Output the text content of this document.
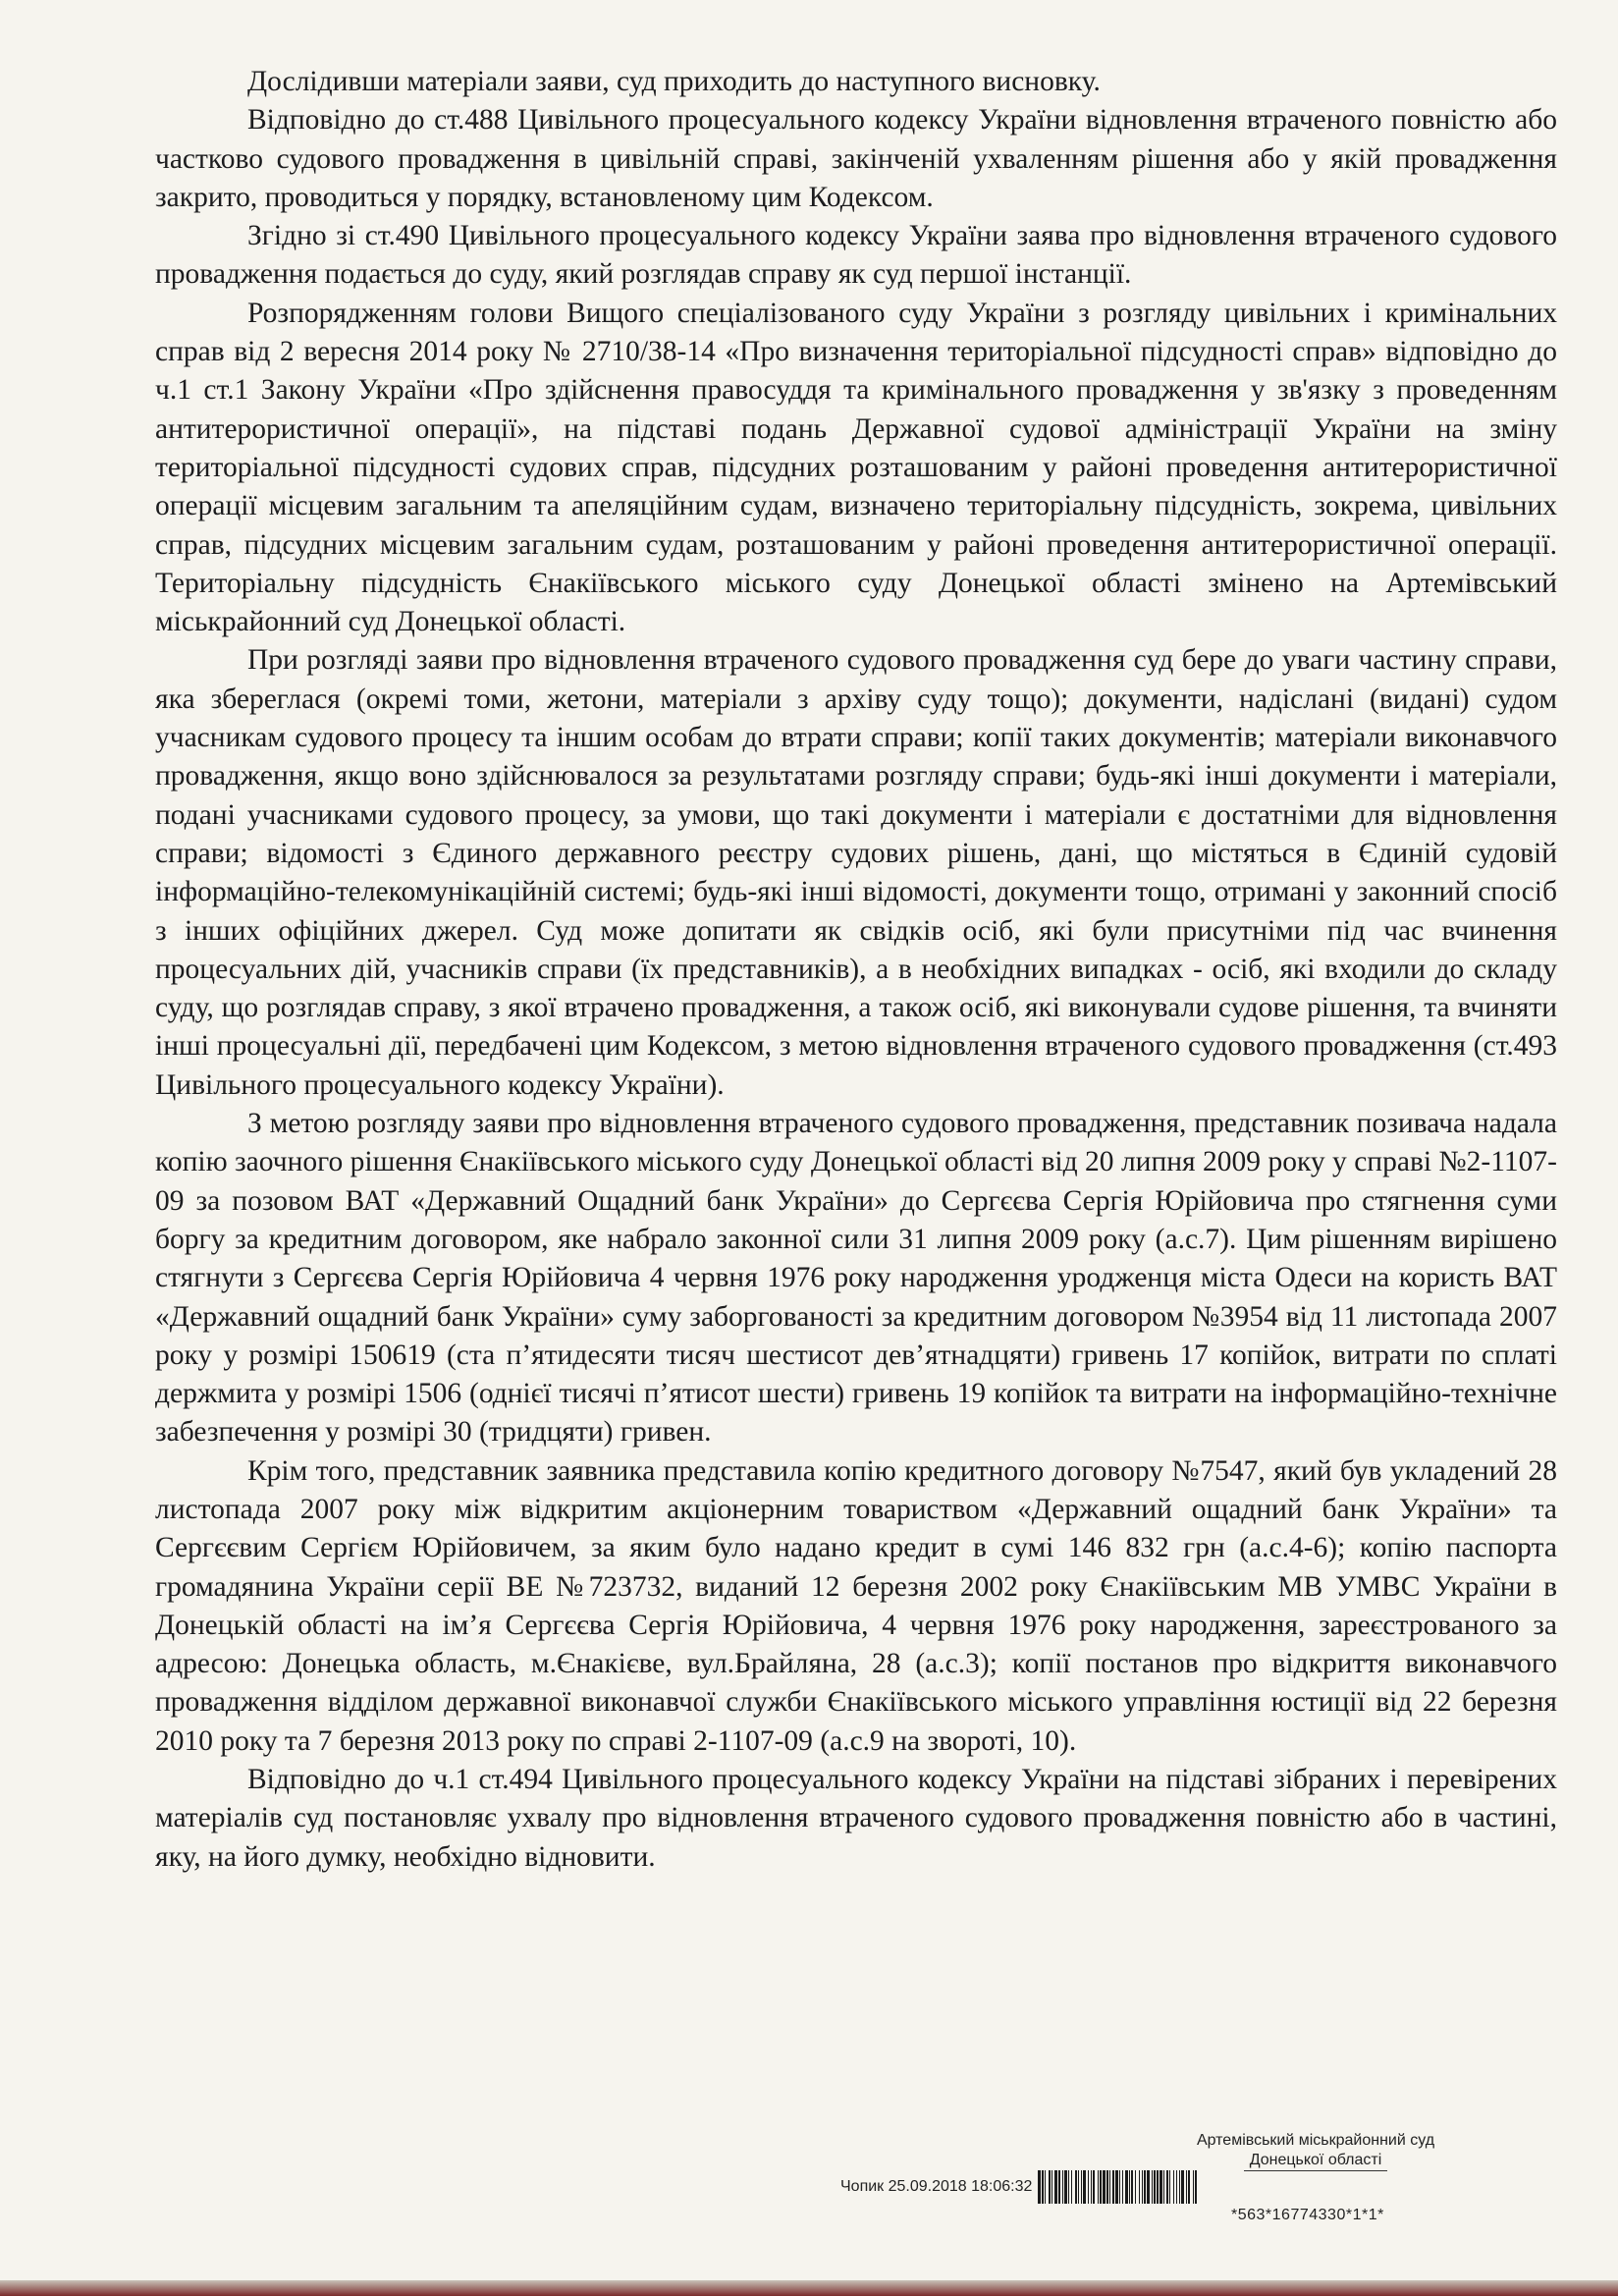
Дослідивши матеріали заяви, суд приходить до наступного висновку.

Відповідно до ст.488 Цивільного процесуального кодексу України відновлення втраченого повністю або частково судового провадження в цивільній справі, закінченій ухваленням рішення або у якій провадження закрито, проводиться у порядку, встановленому цим Кодексом.

Згідно зі ст.490 Цивільного процесуального кодексу України заява про відновлення втраченого судового провадження подається до суду, який розглядав справу як суд першої інстанції.

Розпорядженням голови Вищого спеціалізованого суду України з розгляду цивільних і кримінальних справ від 2 вересня 2014 року № 2710/38-14 «Про визначення територіальної підсудності справ» відповідно до ч.1 ст.1 Закону України «Про здійснення правосуддя та кримінального провадження у зв'язку з проведенням антитерористичної операції», на підставі подань Державної судової адміністрації України на зміну територіальної підсудності судових справ, підсудних розташованим у районі проведення антитерористичної операції місцевим загальним та апеляційним судам, визначено територіальну підсудність, зокрема, цивільних справ, підсудних місцевим загальним судам, розташованим у районі проведення антитерористичної операції. Територіальну підсудність Єнакіївського міського суду Донецької області змінено на Артемівський міськрайонний суд Донецької області.

При розгляді заяви про відновлення втраченого судового провадження суд бере до уваги частину справи, яка збереглася (окремі томи, жетони, матеріали з архіву суду тощо); документи, надіслані (видані) судом учасникам судового процесу та іншим особам до втрати справи; копії таких документів; матеріали виконавчого провадження, якщо воно здійснювалося за результатами розгляду справи; будь-які інші документи і матеріали, подані учасниками судового процесу, за умови, що такі документи і матеріали є достатніми для відновлення справи; відомості з Єдиного державного реєстру судових рішень, дані, що містяться в Єдиній судовій інформаційно-телекомунікаційній системі; будь-які інші відомості, документи тощо, отримані у законний спосіб з інших офіційних джерел. Суд може допитати як свідків осіб, які були присутніми під час вчинення процесуальних дій, учасників справи (їх представників), а в необхідних випадках - осіб, які входили до складу суду, що розглядав справу, з якої втрачено провадження, а також осіб, які виконували судове рішення, та вчиняти інші процесуальні дії, передбачені цим Кодексом, з метою відновлення втраченого судового провадження (ст.493 Цивільного процесуального кодексу України).

З метою розгляду заяви про відновлення втраченого судового провадження, представник позивача надала копію заочного рішення Єнакіївського міського суду Донецької області від 20 липня 2009 року у справі №2-1107-09 за позовом ВАТ «Державний Ощадний банк України» до Сергєєва Сергія Юрійовича про стягнення суми боргу за кредитним договором, яке набрало законної сили 31 липня 2009 року (а.с.7). Цим рішенням вирішено стягнути з Сергєєва Сергія Юрійовича 4 червня 1976 року народження уродженця міста Одеси на користь ВАТ «Державний ощадний банк України» суму заборгованості за кредитним договором №3954 від 11 листопада 2007 року у розмірі 150619 (ста п’ятидесяти тисяч шестисот дев’ятнадцяти) гривень 17 копійок, витрати по сплаті держмита у розмірі 1506 (однієї тисячі п’ятисот шести) гривень 19 копійок та витрати на інформаційно-технічне забезпечення у розмірі 30 (тридцяти) гривен.

Крім того, представник заявника представила копію кредитного договору №7547, який був укладений 28 листопада 2007 року між відкритим акціонерним товариством «Державний ощадний банк України» та Сергєєвим Сергієм Юрійовичем, за яким було надано кредит в сумі 146 832 грн (а.с.4-6); копію паспорта громадянина України серії ВЕ №723732, виданий 12 березня 2002 року Єнакіївським МВ УМВС України в Донецькій області на ім’я Сергєєва Сергія Юрійовича, 4 червня 1976 року народження, зареєстрованого за адресою: Донецька область, м.Єнакієве, вул.Брайляна, 28 (а.с.3); копії постанов про відкриття виконавчого провадження відділом державної виконавчої служби Єнакіївського міського управління юстиції від 22 березня 2010 року та 7 березня 2013 року по справі 2-1107-09 (а.с.9 на звороті, 10).

Відповідно до ч.1 ст.494 Цивільного процесуального кодексу України на підставі зібраних і перевірених матеріалів суд постановляє ухвалу про відновлення втраченого судового провадження повністю або в частині, яку, на його думку, необхідно відновити.

Артемівський міськрайонний суд
Донецької області
Чопик 25.09.2018 18:06:32
*563*16774330*1*1*
